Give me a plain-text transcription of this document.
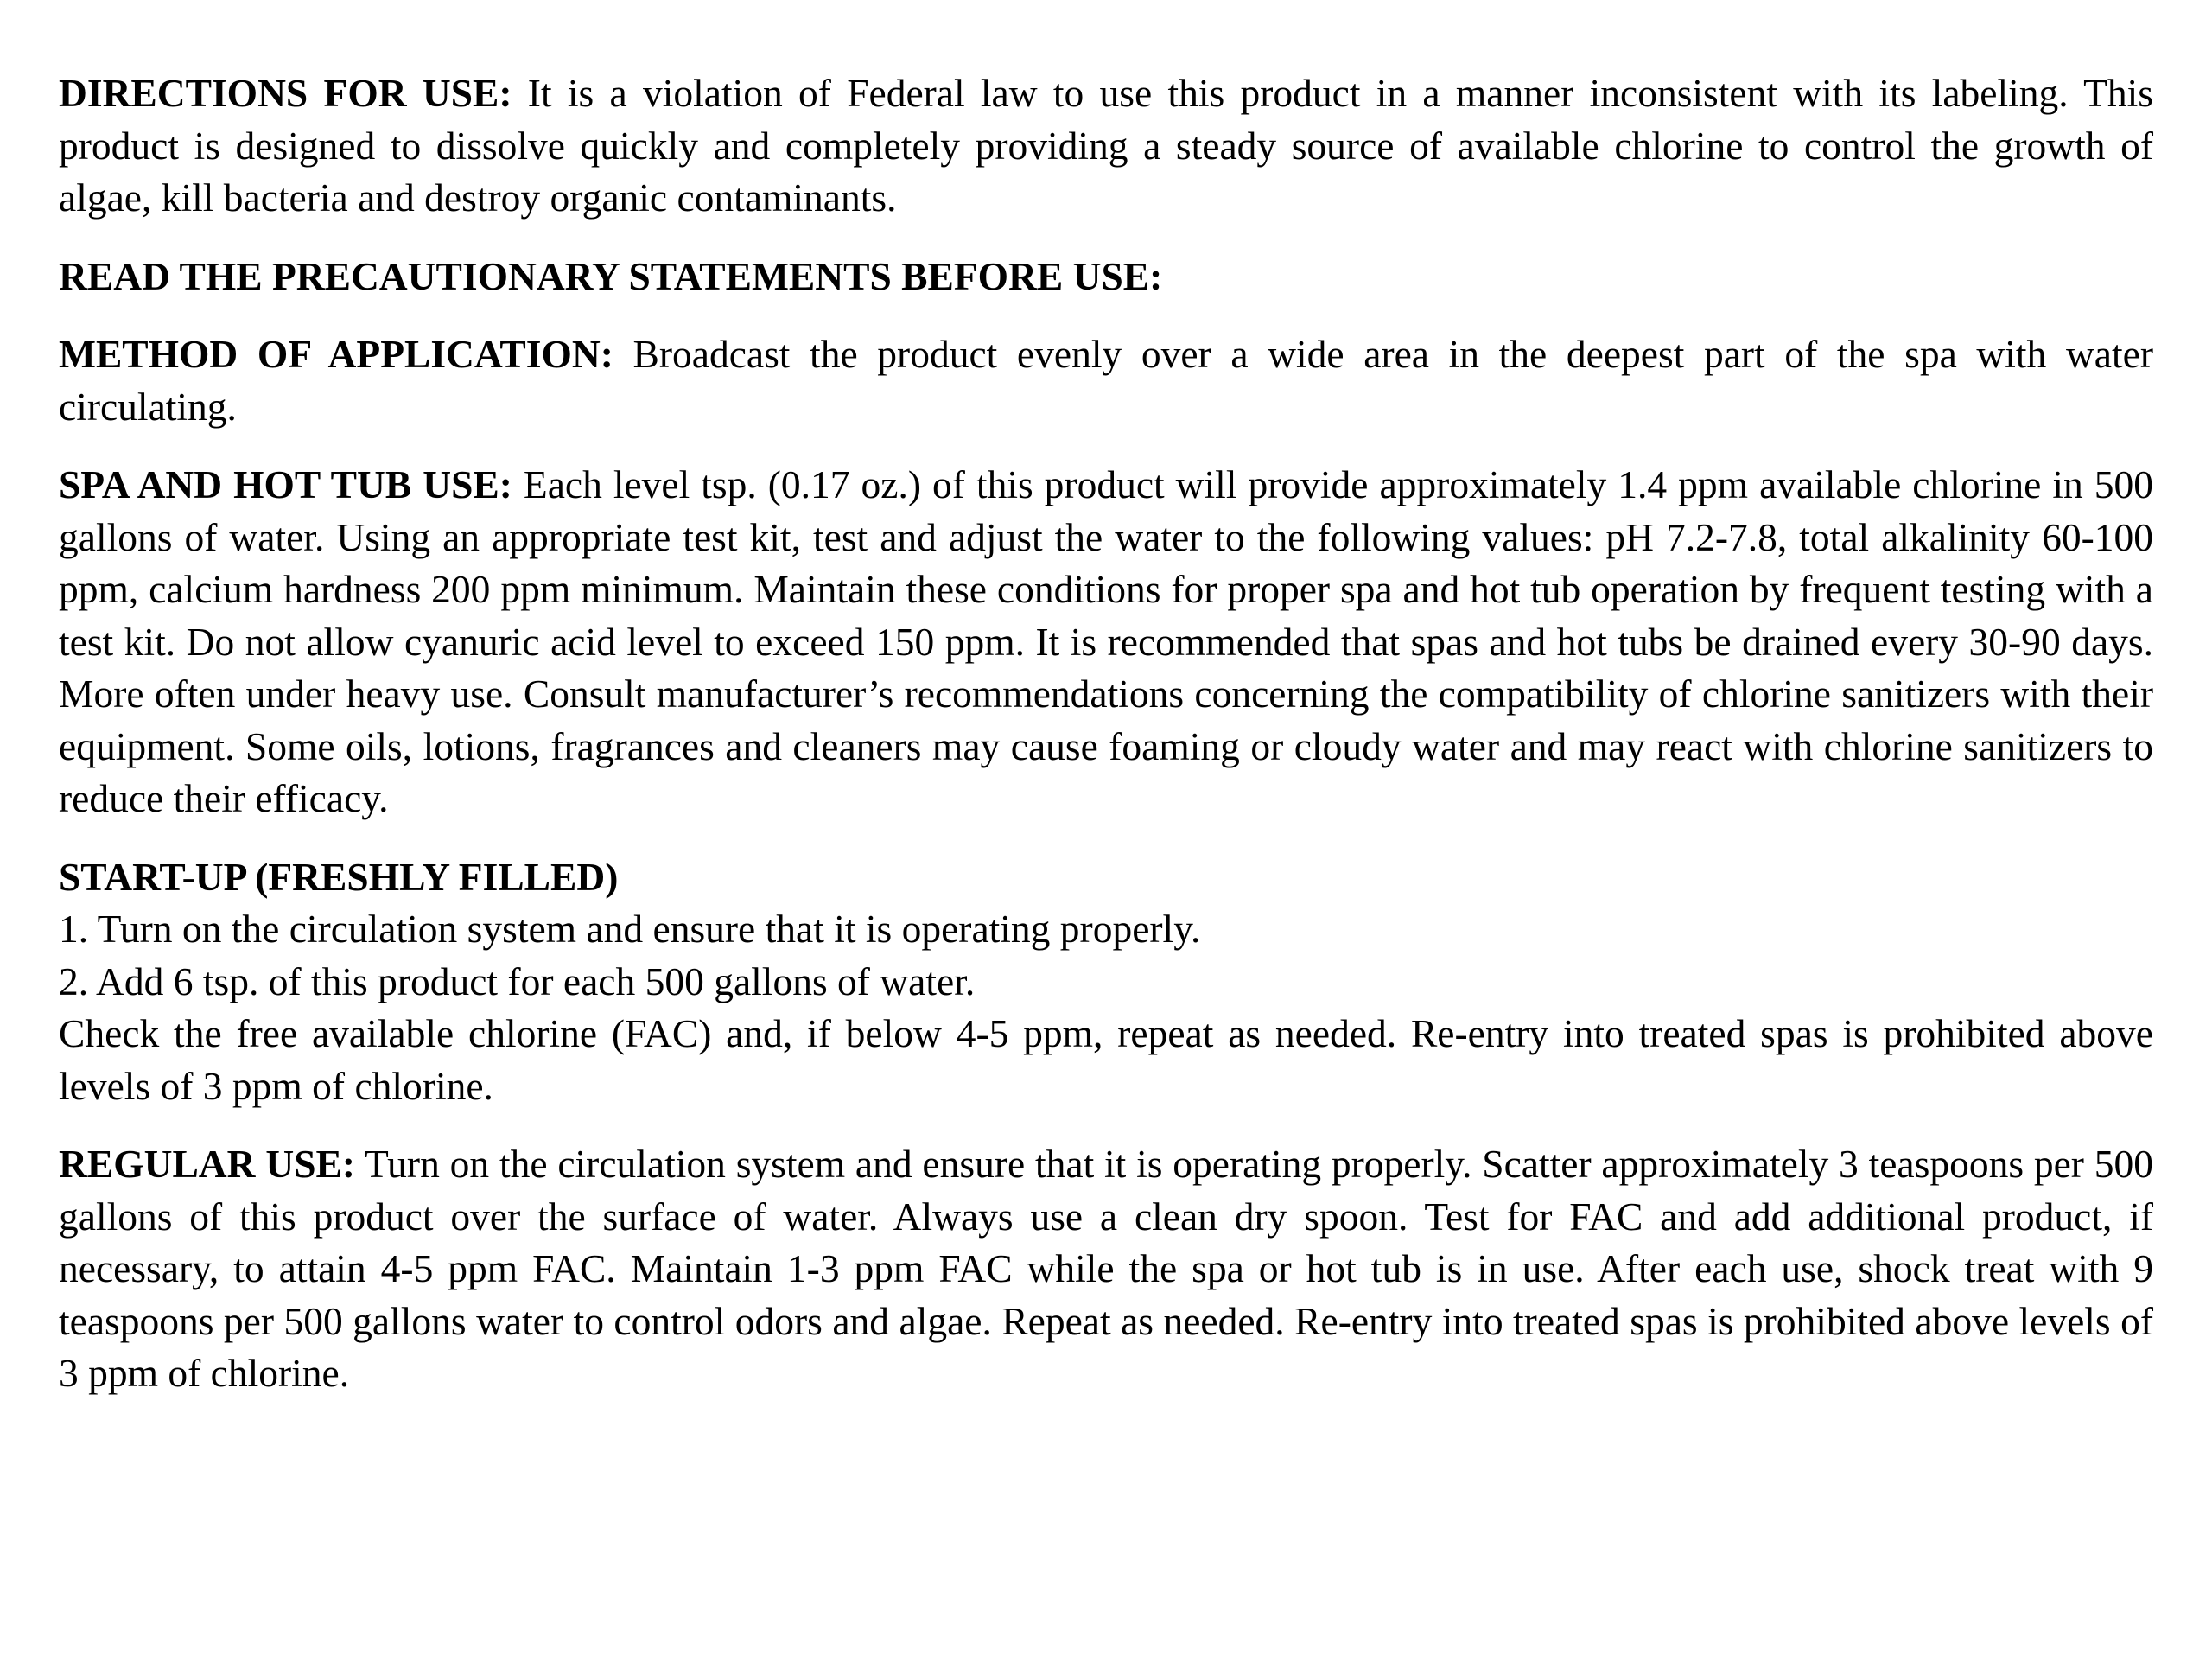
DIRECTIONS FOR USE: It is a violation of Federal law to use this product in a manner inconsistent with its labeling. This product is designed to dissolve quickly and completely providing a steady source of available chlorine to control the growth of algae, kill bacteria and destroy organic contaminants.

READ THE PRECAUTIONARY STATEMENTS BEFORE USE:

METHOD OF APPLICATION: Broadcast the product evenly over a wide area in the deepest part of the spa with water circulating.

SPA AND HOT TUB USE: Each level tsp. (0.17 oz.) of this product will provide approximately 1.4 ppm available chlorine in 500 gallons of water. Using an appropriate test kit, test and adjust the water to the following values: pH 7.2-7.8, total alkalinity 60-100 ppm, calcium hardness 200 ppm minimum. Maintain these conditions for proper spa and hot tub operation by frequent testing with a test kit. Do not allow cyanuric acid level to exceed 150 ppm. It is recommended that spas and hot tubs be drained every 30-90 days. More often under heavy use. Consult manufacturer’s recommendations concerning the compatibility of chlorine sanitizers with their equipment. Some oils, lotions, fragrances and cleaners may cause foaming or cloudy water and may react with chlorine sanitizers to reduce their efficacy.

START-UP (FRESHLY FILLED)

1. Turn on the circulation system and ensure that it is operating properly.

2. Add 6 tsp. of this product for each 500 gallons of water.

Check the free available chlorine (FAC) and, if below 4-5 ppm, repeat as needed. Re-entry into treated spas is prohibited above levels of 3 ppm of chlorine.

REGULAR USE: Turn on the circulation system and ensure that it is operating properly. Scatter approximately 3 teaspoons per 500 gallons of this product over the surface of water. Always use a clean dry spoon. Test for FAC and add additional product, if necessary, to attain 4-5 ppm FAC. Maintain 1-3 ppm FAC while the spa or hot tub is in use. After each use, shock treat with 9 teaspoons per 500 gallons water to control odors and algae. Repeat as needed. Re-entry into treated spas is prohibited above levels of 3 ppm of chlorine.
